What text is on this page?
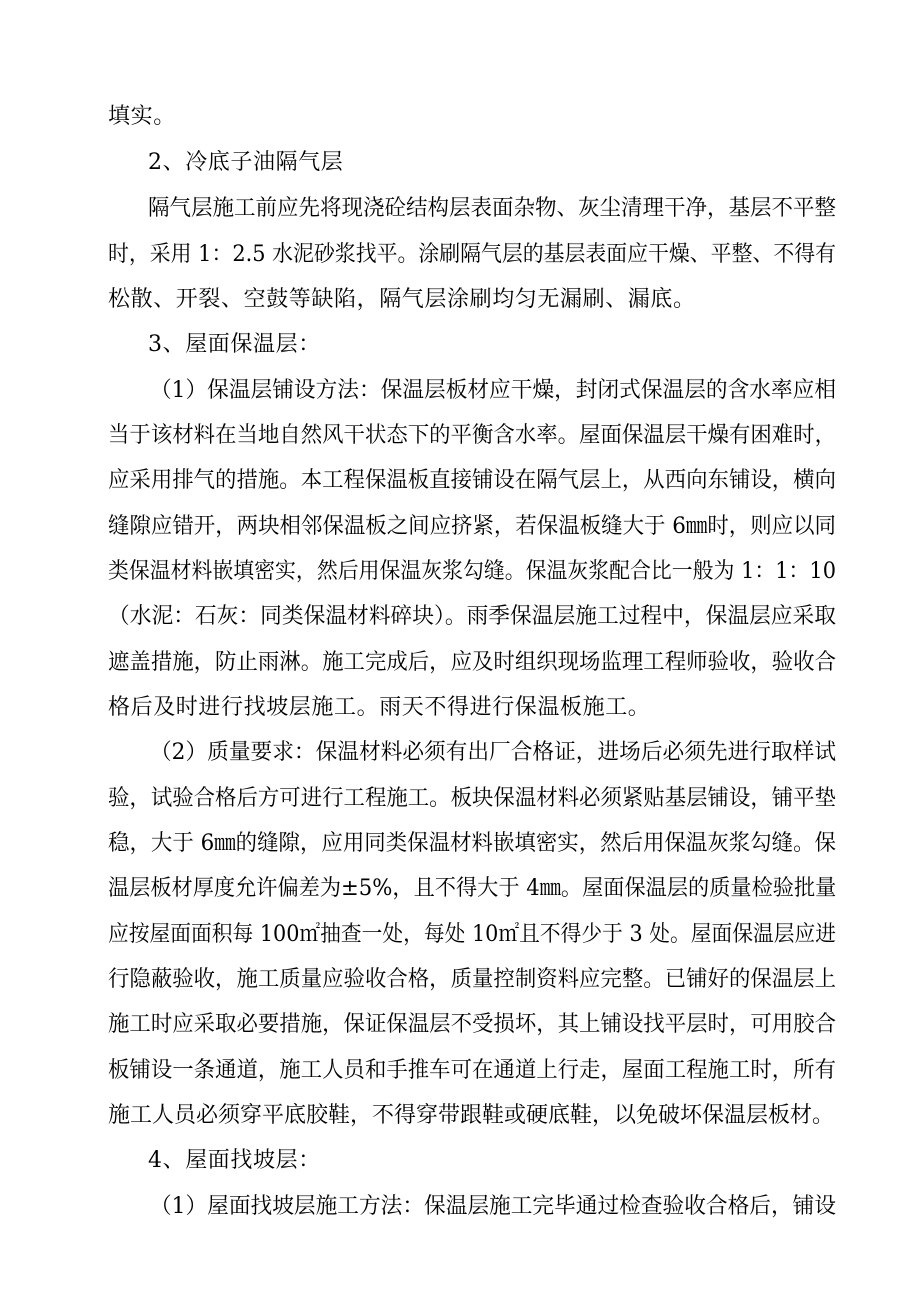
填实。
2、冷底子油隔气层
隔气层施工前应先将现浇砼结构层表面杂物、灰尘清理干净，基层不平整
时，采用 1：2.5 水泥砂浆找平。涂刷隔气层的基层表面应干燥、平整、不得有
松散、开裂、空鼓等缺陷，隔气层涂刷均匀无漏刷、漏底。
3、屋面保温层：
（1）保温层铺设方法：保温层板材应干燥，封闭式保温层的含水率应相
当于该材料在当地自然风干状态下的平衡含水率。屋面保温层干燥有困难时，
应采用排气的措施。本工程保温板直接铺设在隔气层上，从西向东铺设，横向
缝隙应错开，两块相邻保温板之间应挤紧，若保温板缝大于 6㎜时，则应以同
类保温材料嵌填密实，然后用保温灰浆勾缝。保温灰浆配合比一般为 1：1：10
（水泥：石灰：同类保温材料碎块）。雨季保温层施工过程中，保温层应采取
遮盖措施，防止雨淋。施工完成后，应及时组织现场监理工程师验收，验收合
格后及时进行找坡层施工。雨天不得进行保温板施工。
（2）质量要求：保温材料必须有出厂合格证，进场后必须先进行取样试
验，试验合格后方可进行工程施工。板块保温材料必须紧贴基层铺设，铺平垫
稳，大于 6㎜的缝隙，应用同类保温材料嵌填密实，然后用保温灰浆勾缝。保
温层板材厚度允许偏差为±5%，且不得大于 4㎜。屋面保温层的质量检验批量
应按屋面面积每 100㎡抽查一处，每处 10㎡且不得少于 3 处。屋面保温层应进
行隐蔽验收，施工质量应验收合格，质量控制资料应完整。已铺好的保温层上
施工时应采取必要措施，保证保温层不受损坏，其上铺设找平层时，可用胶合
板铺设一条通道，施工人员和手推车可在通道上行走，屋面工程施工时，所有
施工人员必须穿平底胶鞋，不得穿带跟鞋或硬底鞋，以免破坏保温层板材。
4、屋面找坡层：
（1）屋面找坡层施工方法：保温层施工完毕通过检查验收合格后，铺设
